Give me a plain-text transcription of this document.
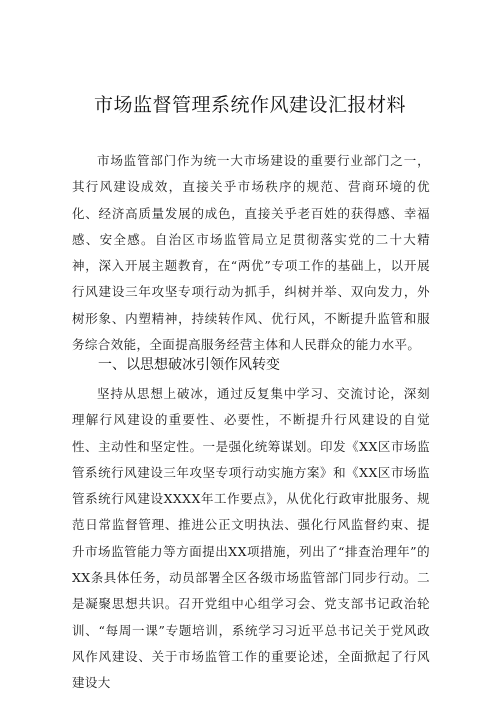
市场监督管理系统作风建设汇报材料
市场监管部门作为统一大市场建设的重要行业部门之一，其行风建设成效，直接关乎市场秩序的规范、营商环境的优化、经济高质量发展的成色，直接关乎老百姓的获得感、幸福感、安全感。自治区市场监管局立足贯彻落实党的二十大精神，深入开展主题教育，在“两优”专项工作的基础上，以开展行风建设三年攻坚专项行动为抓手，纠树并举、双向发力，外树形象、内塑精神，持续转作风、优行风，不断提升监管和服务综合效能，全面提高服务经营主体和人民群众的能力水平。
一、以思想破冰引领作风转变
坚持从思想上破冰，通过反复集中学习、交流讨论，深刻理解行风建设的重要性、必要性，不断提升行风建设的自觉性、主动性和坚定性。一是强化统筹谋划。印发《XX区市场监管系统行风建设三年攻坚专项行动实施方案》和《XX区市场监管系统行风建设XXXX年工作要点》，从优化行政审批服务、规范日常监督管理、推进公正文明执法、强化行风监督约束、提升市场监管能力等方面提出XX项措施，列出了“排查治理年”的XX条具体任务，动员部署全区各级市场监管部门同步行动。二是凝聚思想共识。召开党组中心组学习会、党支部书记政治轮训、“每周一课”专题培训，系统学习习近平总书记关于党风政风作风建设、关于市场监管工作的重要论述，全面掀起了行风建设大
